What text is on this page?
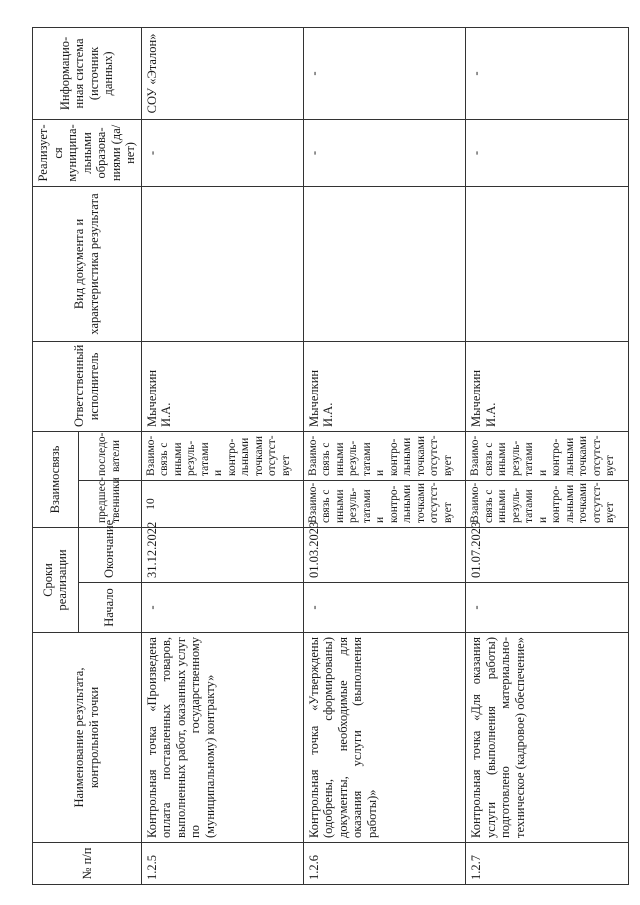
№ п/п	Наименование результата, контрольной точки	Сроки реализации		Взаимосвязь		Ответственный исполнитель	Вид документа и характеристика результата	Реализует-ся муниципа-льными образова-ниями (да/нет)	Информацио-нная система (источник данных)
		Начало	Окончание	предшес-твенники	последо-ватели				
1.2.5	Контрольная точка «Произведена оплата поставленных товаров, выполненных работ, оказанных услуг по государственному (муниципальному) контракту»	-	31.12.2022	10	Взаимо-связь с иными резуль-татами и контро-льными точками отсутст-вует	Мычелкин И.А.		-	СОУ «Эталон»
1.2.6	Контрольная точка «Утверждены (одобрены, сформированы) документы, необходимые для оказания услуги (выполнения работы)»	-	01.03.2023	Взаимо-связь с иными резуль-татами и контро-льными точками отсутст-вует	Взаимо-связь с иными резуль-татами и контро-льными точками отсутст-вует	Мычелкин И.А.		-	-
1.2.7	Контрольная точка «Для оказания услуги (выполнения работы) подготовлено материально-техническое (кадровое) обеспечение»	-	01.07.2023	Взаимо-связь с иными резуль-татами и контро-льными точками отсутст-вует	Взаимо-связь с иными резуль-татами и контро-льными точками отсутст-вует	Мычелкин И.А.		-	-
